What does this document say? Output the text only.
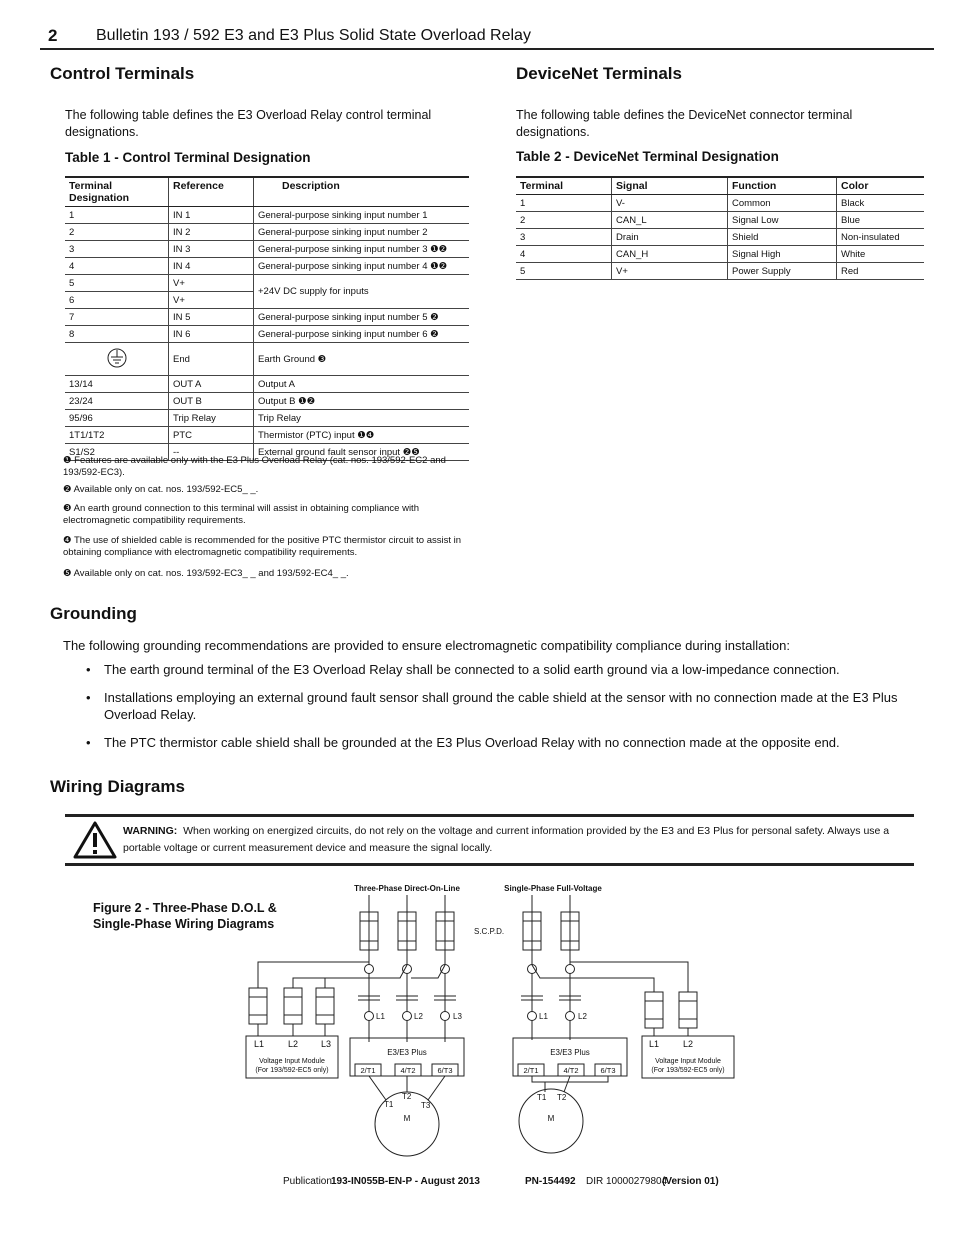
2 Bulletin 193 / 592 E3 and E3 Plus Solid State Overload Relay
Control Terminals

The following table defines the E3 Overload Relay control terminal designations.

Table 1 - Control Terminal Designation
Terminal Designation	Reference	Description
1	IN 1	General-purpose sinking input number 1
2	IN 2	General-purpose sinking input number 2
3	IN 3	General-purpose sinking input number 3 ❶❷
4	IN 4	General-purpose sinking input number 4 ❶❷
5	V+	+24V DC supply for inputs
6	V+	
7	IN 5	General-purpose sinking input number 5 ❷
8	IN 6	General-purpose sinking input number 6 ❷
	End	Earth Ground ❸
13/14	OUT A	Output A
23/24	OUT B	Output B ❶❷
95/96	Trip Relay	Trip Relay
1T1/1T2	PTC	Thermistor (PTC) input ❶❹
S1/S2	--	External ground fault sensor input ❷❺
❶ Features are available only with the E3 Plus Overload Relay (cat. nos. 193/592-EC2 and 193/592-EC3).
❷ Available only on cat. nos. 193/592-EC5_ _.
❸ An earth ground connection to this terminal will assist in obtaining compliance with electromagnetic compatibility requirements.
❹ The use of shielded cable is recommended for the positive PTC thermistor circuit to assist in obtaining compliance with electromagnetic compatibility requirements.
❺ Available only on cat. nos. 193/592-EC3_ _ and 193/592-EC4_ _.
DeviceNet Terminals

The following table defines the DeviceNet connector terminal designations.

Table 2 - DeviceNet Terminal Designation
Terminal	Signal	Function	Color
1	V-	Common	Black
2	CAN_L	Signal Low	Blue
3	Drain	Shield	Non-insulated
4	CAN_H	Signal High	White
5	V+	Power Supply	Red
Grounding

The following grounding recommendations are provided to ensure electromagnetic compatibility compliance during installation:

• The earth ground terminal of the E3 Overload Relay shall be connected to a solid earth ground via a low-impedance connection.
• Installations employing an external ground fault sensor shall ground the cable shield at the sensor with no connection made at the E3 Plus Overload Relay.
• The PTC thermistor cable shield shall be grounded at the E3 Plus Overload Relay with no connection made at the opposite end.
Wiring Diagrams
WARNING: When working on energized circuits, do not rely on the voltage and current information provided by the E3 and E3 Plus for personal safety. Always use a portable voltage or current measurement device and measure the signal locally.
Figure 2 - Three-Phase D.O.L &
Single-Phase Wiring Diagrams
Three-Phase Direct-On-Line	Single-Phase Full-Voltage
S.C.P.D.
L1	L2	L3
L1	L2	L3
Voltage Input Module
(For 193/592-EC5 only)
E3/E3 Plus
2/T1	4/T2	6/T3
T1
T2
T3
M
L1	L2
L1	L2
Voltage Input Module
(For 193/592-EC5 only)
E3/E3 Plus
2/T1	4/T2	6/T3
T1 T2
M
Publication 193-IN055B-EN-P - August 2013	PN-154492 DIR 10000279804
(Version 01)
